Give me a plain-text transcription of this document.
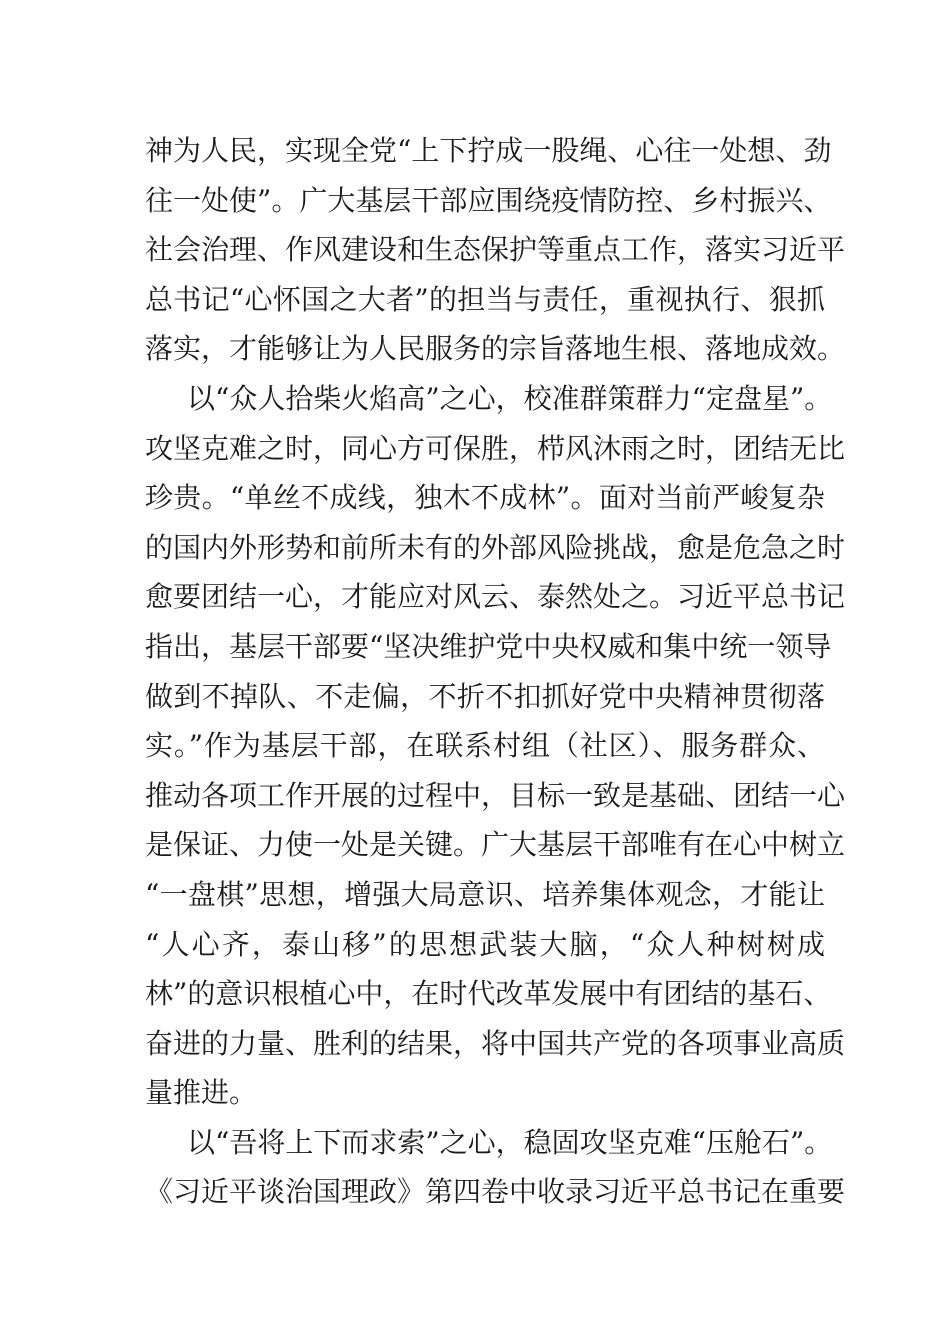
神为人民，实现全党“上下拧成一股绳、心往一处想、劲
往一处使”。广大基层干部应围绕疫情防控、乡村振兴、
社会治理、作风建设和生态保护等重点工作，落实习近平
总书记“心怀国之大者”的担当与责任，重视执行、狠抓
落实，才能够让为人民服务的宗旨落地生根、落地成效。
以“众人拾柴火焰高”之心，校准群策群力“定盘星”。
攻坚克难之时，同心方可保胜，栉风沐雨之时，团结无比
珍贵。“单丝不成线，独木不成林”。面对当前严峻复杂
的国内外形势和前所未有的外部风险挑战，愈是危急之时
愈要团结一心，才能应对风云、泰然处之。习近平总书记
指出，基层干部要“坚决维护党中央权威和集中统一领导
做到不掉队、不走偏，不折不扣抓好党中央精神贯彻落
实。”作为基层干部，在联系村组（社区）、服务群众、
推动各项工作开展的过程中，目标一致是基础、团结一心
是保证、力使一处是关键。广大基层干部唯有在心中树立
“一盘棋”思想，增强大局意识、培养集体观念，才能让
“人心齐，泰山移”的思想武装大脑，“众人种树树成
林”的意识根植心中，在时代改革发展中有团结的基石、
奋进的力量、胜利的结果，将中国共产党的各项事业高质
量推进。
以“吾将上下而求索”之心，稳固攻坚克难“压舱石”。
《习近平谈治国理政》第四卷中收录习近平总书记在重要
